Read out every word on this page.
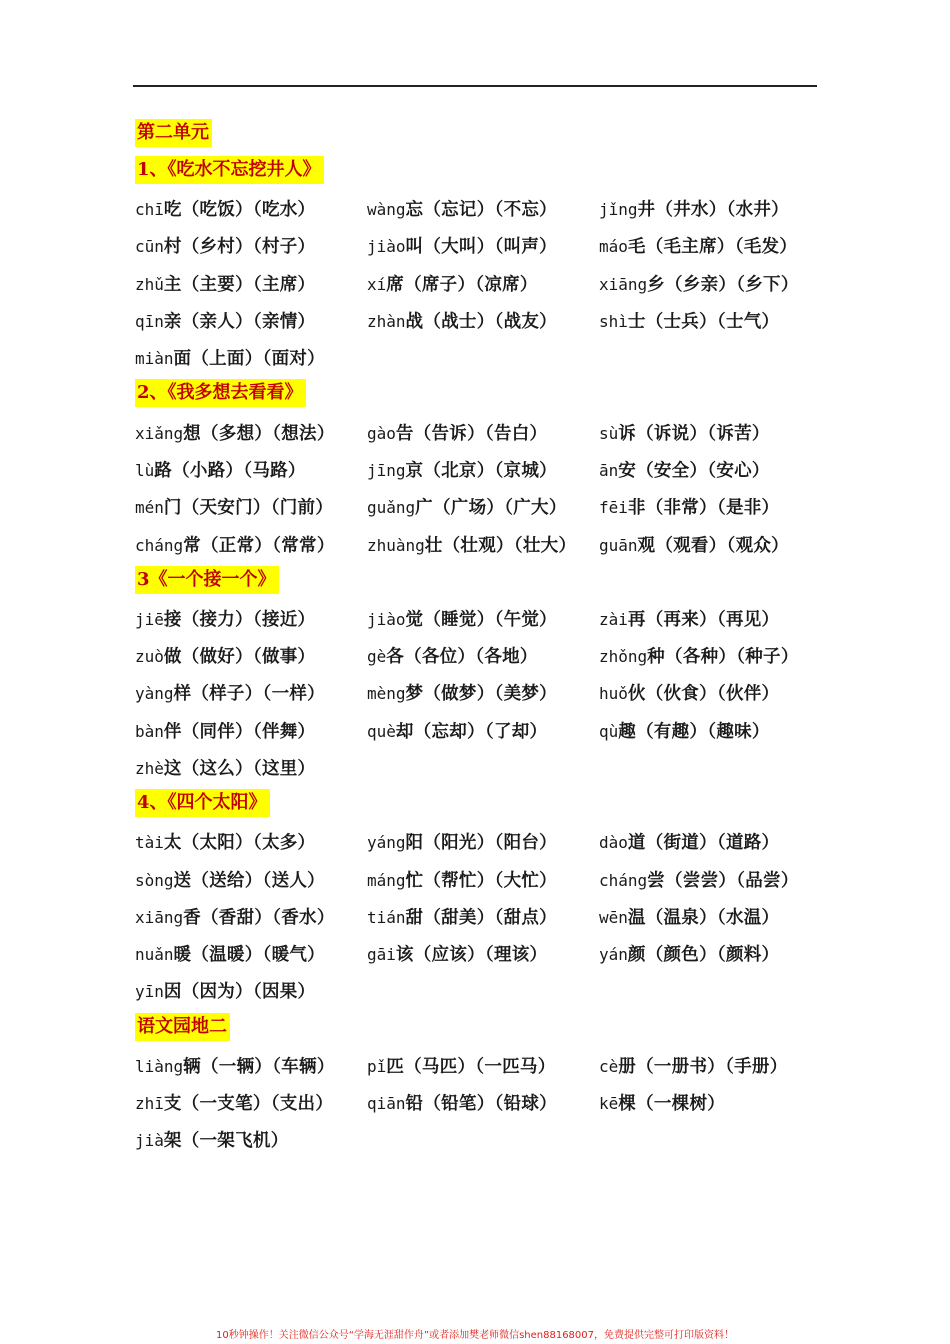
第二单元
1、《吃水不忘挖井人》
chī吃（吃饭）（吃水）	wàng忘（忘记）（不忘）	jǐng井（井水）（水井）
cūn村（乡村）（村子）	jiào叫（大叫）（叫声）	máo毛（毛主席）（毛发）
zhǔ主（主要）（主席）	xí席（席子）（凉席）	xiāng乡（乡亲）（乡下）
qīn亲（亲人）（亲情）	zhàn战（战士）（战友）	shì士（士兵）（士气）
miàn面（上面）（面对）
2、《我多想去看看》
xiǎng想（多想）（想法）	gào告（告诉）（告白）	sù诉（诉说）（诉苦）
lù路（小路）（马路）	jīng京（北京）（京城）	ān安（安全）（安心）
mén门（天安门）（门前）	guǎng广（广场）（广大）	fēi非（非常）（是非）
cháng常（正常）（常常）	zhuàng壮（壮观）（壮大）	guān观（观看）（观众）
3《一个接一个》
jiē接（接力）（接近）	jiào觉（睡觉）（午觉）	zài再（再来）（再见）
zuò做（做好）（做事）	gè各（各位）（各地）	zhǒng种（各种）（种子）
yàng样（样子）（一样）	mèng梦（做梦）（美梦）	huǒ伙（伙食）（伙伴）
bàn伴（同伴）（伴舞）	què却（忘却）（了却）	qù趣（有趣）（趣味）
zhè这（这么）（这里）
4、《四个太阳》
tài太（太阳）（太多）	yáng阳（阳光）（阳台）	dào道（街道）（道路）
sòng送（送给）（送人）	máng忙（帮忙）（大忙）	cháng尝（尝尝）（品尝）
xiāng香（香甜）（香水）	tián甜（甜美）（甜点）	wēn温（温泉）（水温）
nuǎn暖（温暖）（暖气）	gāi该（应该）（理该）	yán颜（颜色）（颜料）
yīn因（因为）（因果）
语文园地二
liàng辆（一辆）（车辆）	pǐ匹（马匹）（一匹马）	cè册（一册书）（手册）
zhī支（一支笔）（支出）	qiān铅（铅笔）（铅球）	kē棵（一棵树）
jià架（一架飞机）
10秒钟操作！关注微信公众号“学海无涯甜作舟”或者添加樊老师微信shen88168007，免费提供完整可打印版资料！
